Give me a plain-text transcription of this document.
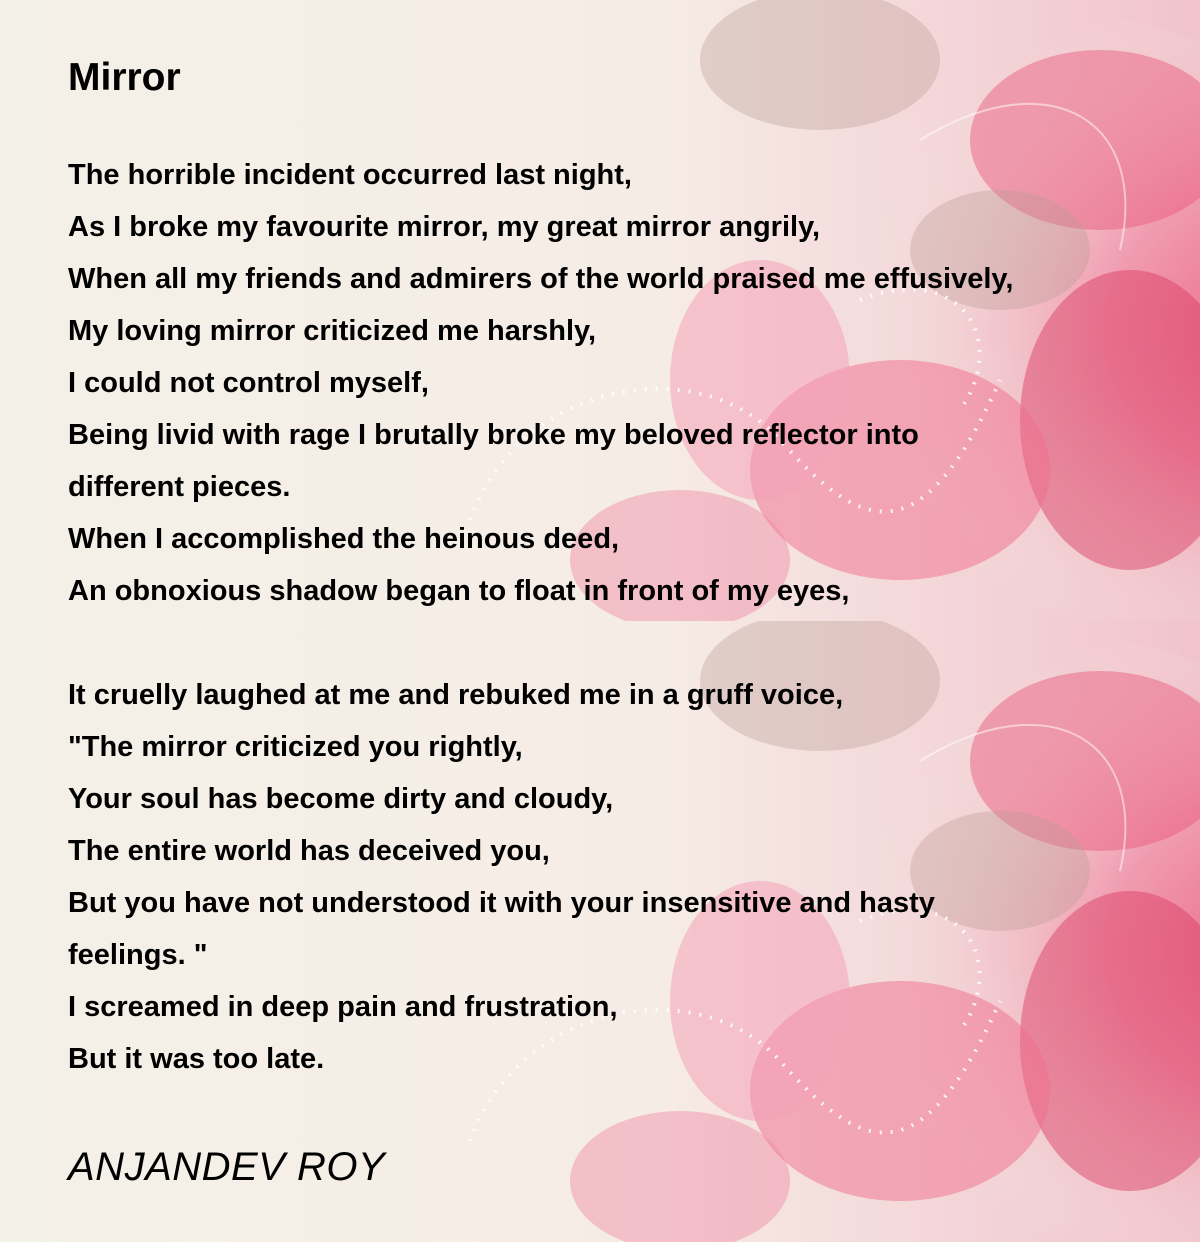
Mirror
The horrible incident occurred last night,
As I broke my favourite mirror, my great mirror angrily,
When all my friends and admirers of the world praised me effusively,
My loving mirror criticized me harshly,
I could not control myself,
Being livid with rage I brutally broke my beloved reflector into
different pieces.
When I accomplished the heinous deed,
An obnoxious shadow began to float in front of my eyes,
It cruelly laughed at me and rebuked me in a gruff voice,
"The mirror criticized you rightly,
Your soul has become dirty and cloudy,
The entire world has deceived you,
But you have not understood it with your insensitive and hasty
feelings. "
I screamed in deep pain and frustration,
But it was too late.
ANJANDEV ROY
